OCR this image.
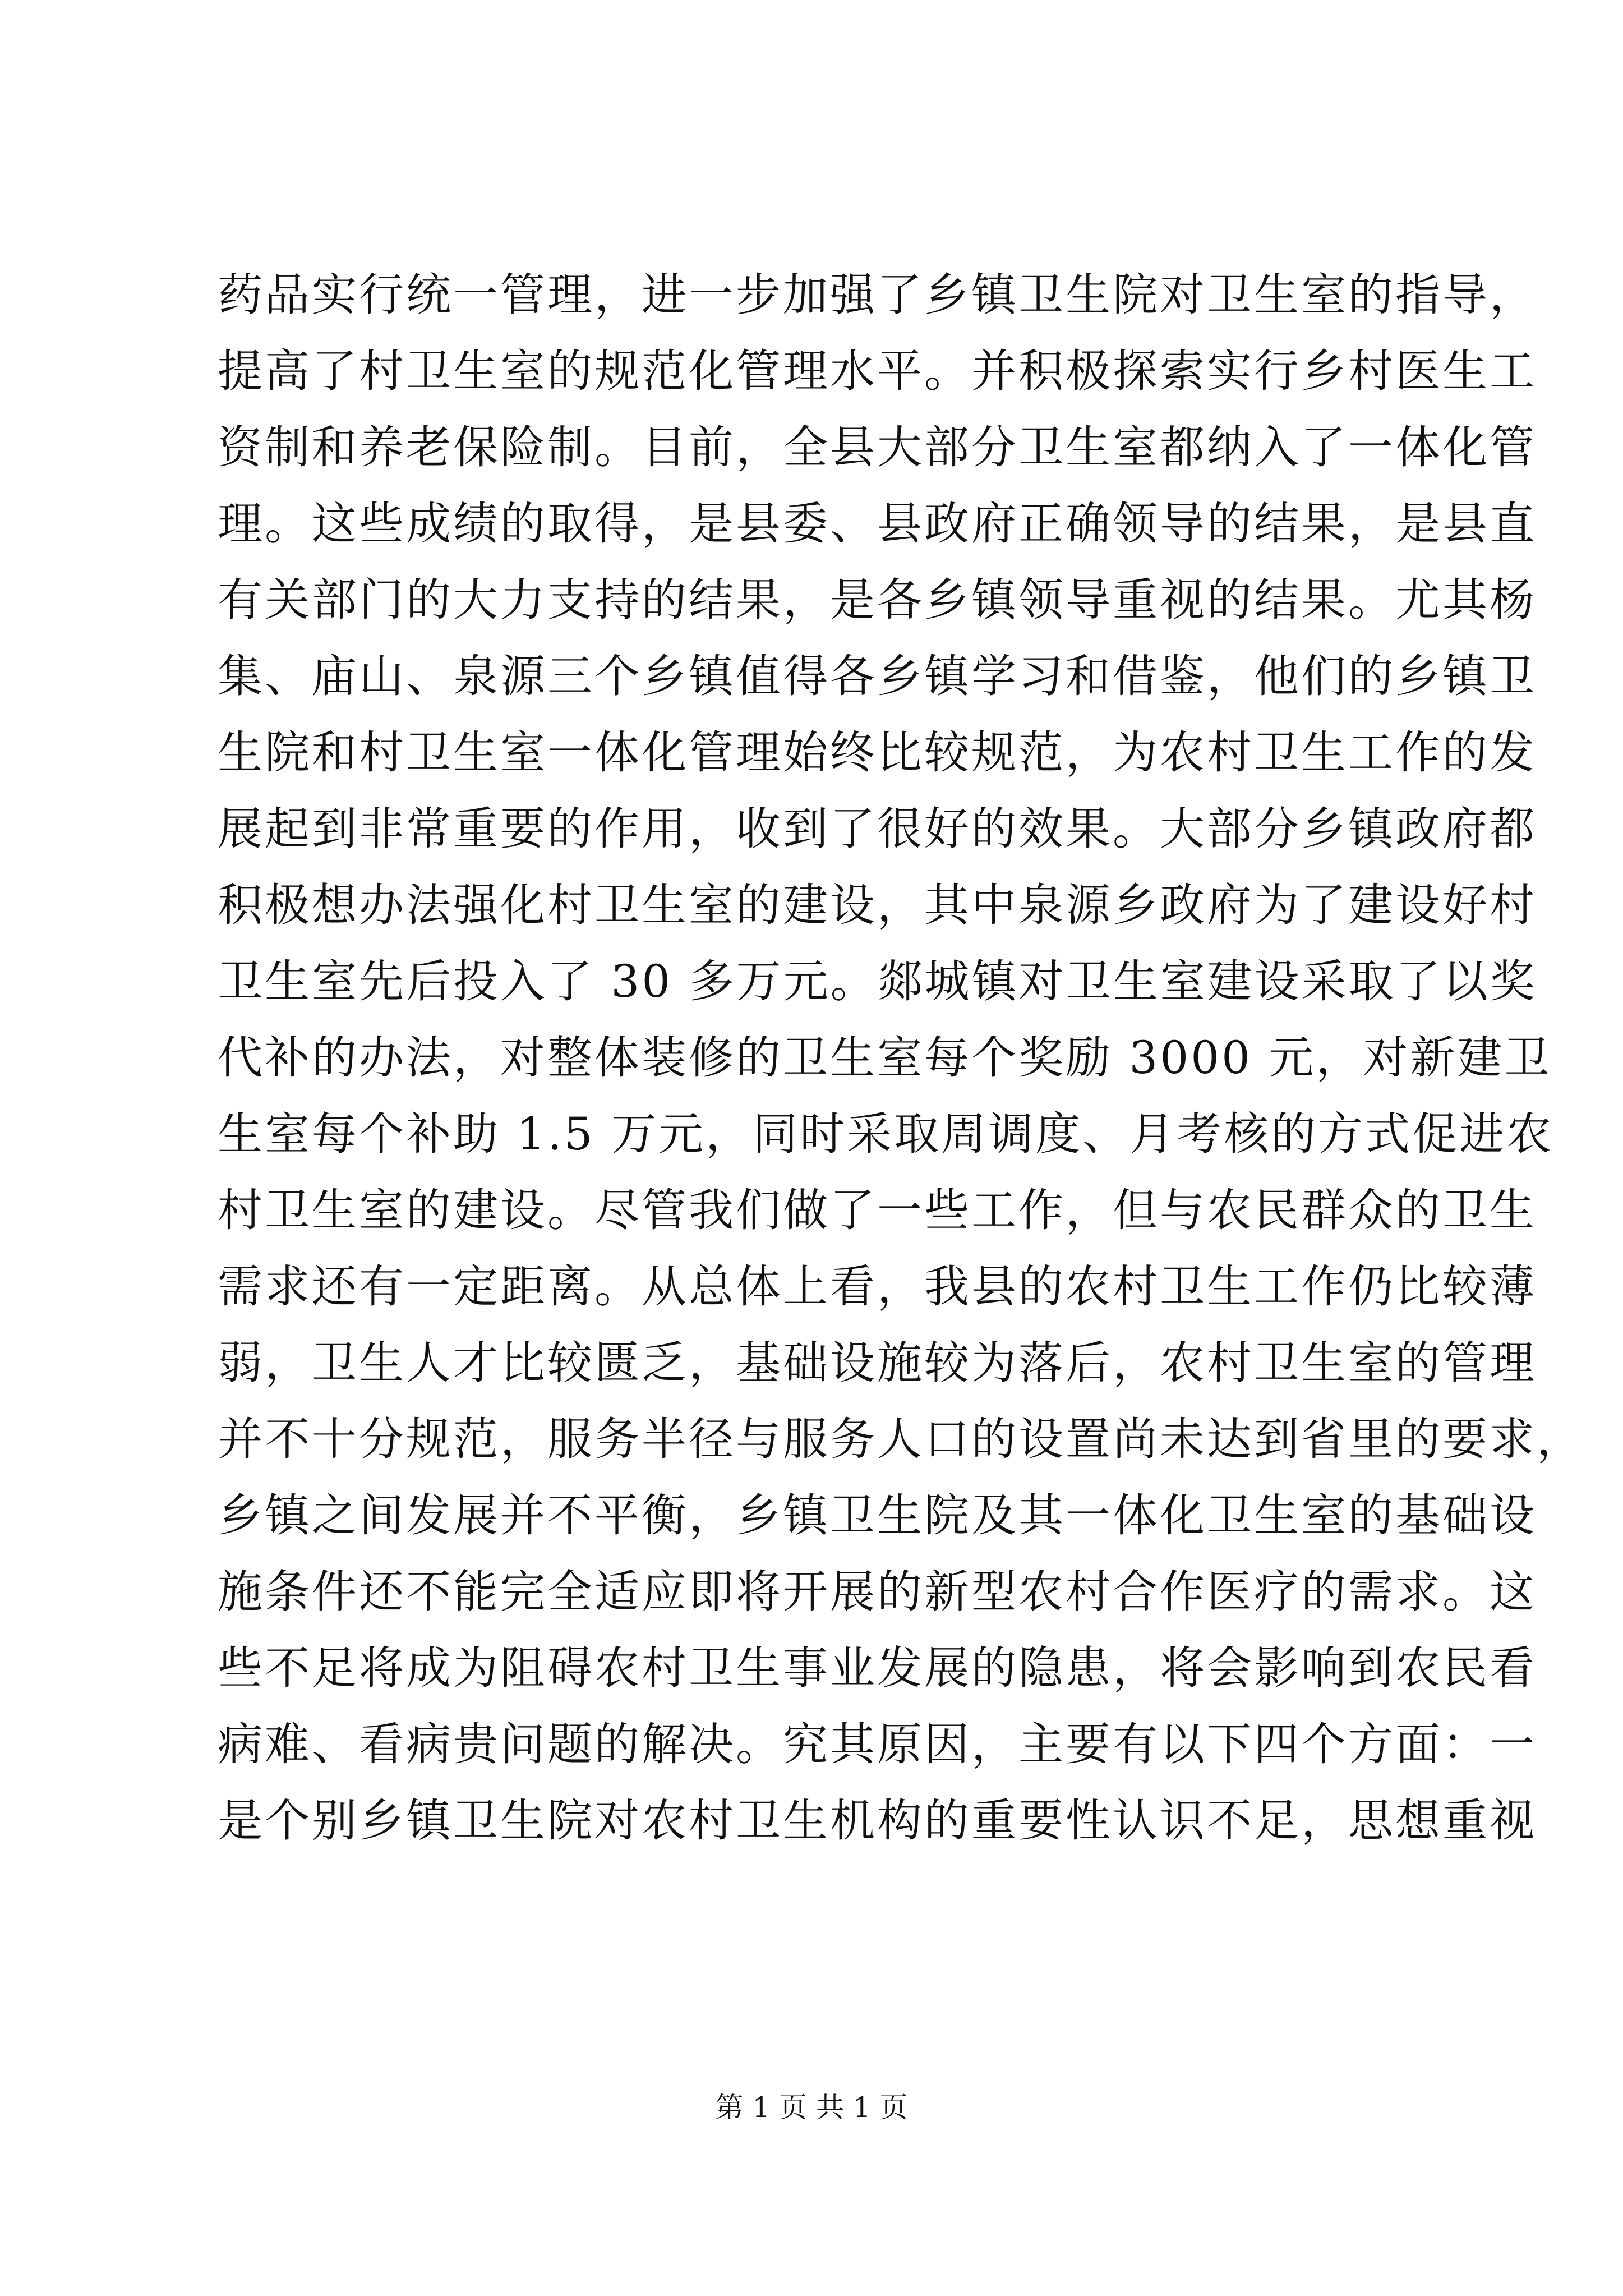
药品实行统一管理，进一步加强了乡镇卫生院对卫生室的指导，
提高了村卫生室的规范化管理水平。并积极探索实行乡村医生工
资制和养老保险制。目前，全县大部分卫生室都纳入了一体化管
理。这些成绩的取得，是县委、县政府正确领导的结果，是县直
有关部门的大力支持的结果，是各乡镇领导重视的结果。尤其杨
集、庙山、泉源三个乡镇值得各乡镇学习和借鉴，他们的乡镇卫
生院和村卫生室一体化管理始终比较规范，为农村卫生工作的发
展起到非常重要的作用，收到了很好的效果。大部分乡镇政府都
积极想办法强化村卫生室的建设，其中泉源乡政府为了建设好村
卫生室先后投入了 30 多万元。郯城镇对卫生室建设采取了以奖
代补的办法，对整体装修的卫生室每个奖励 3000 元，对新建卫
生室每个补助 1.5 万元，同时采取周调度、月考核的方式促进农
村卫生室的建设。尽管我们做了一些工作，但与农民群众的卫生
需求还有一定距离。从总体上看，我县的农村卫生工作仍比较薄
弱，卫生人才比较匮乏，基础设施较为落后，农村卫生室的管理
并不十分规范，服务半径与服务人口的设置尚未达到省里的要求，
乡镇之间发展并不平衡，乡镇卫生院及其一体化卫生室的基础设
施条件还不能完全适应即将开展的新型农村合作医疗的需求。这
些不足将成为阻碍农村卫生事业发展的隐患，将会影响到农民看
病难、看病贵问题的解决。究其原因，主要有以下四个方面：一
是个别乡镇卫生院对农村卫生机构的重要性认识不足，思想重视
第 1 页 共 1 页
